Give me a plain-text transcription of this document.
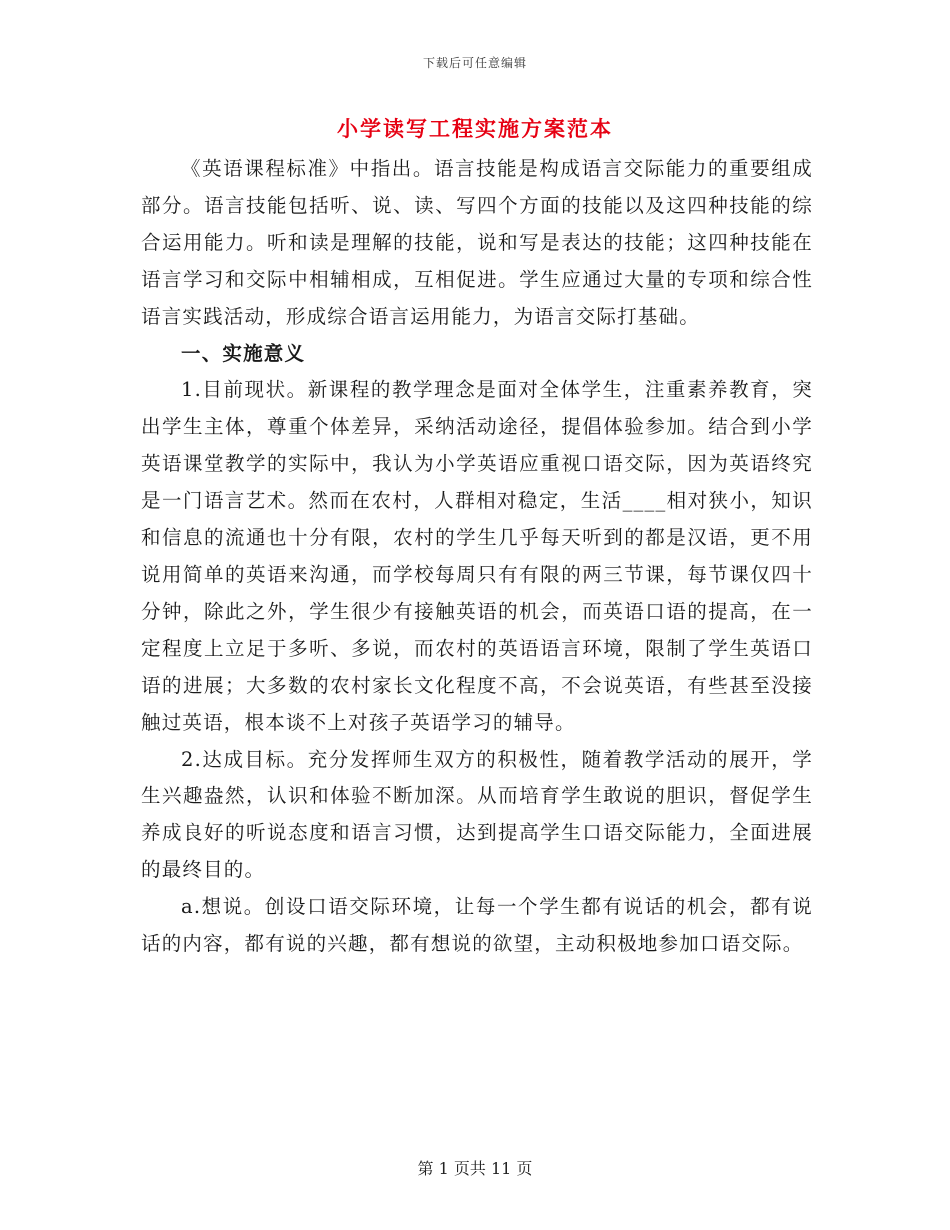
下载后可任意编辑
小学读写工程实施方案范本

《英语课程标准》中指出。语言技能是构成语言交际能力的重要组成部分。语言技能包括听、说、读、写四个方面的技能以及这四种技能的综合运用能力。听和读是理解的技能，说和写是表达的技能；这四种技能在语言学习和交际中相辅相成，互相促进。学生应通过大量的专项和综合性语言实践活动，形成综合语言运用能力，为语言交际打基础。

一、实施意义

1.目前现状。新课程的教学理念是面对全体学生，注重素养教育，突出学生主体，尊重个体差异，采纳活动途径，提倡体验参加。结合到小学英语课堂教学的实际中，我认为小学英语应重视口语交际，因为英语终究是一门语言艺术。然而在农村，人群相对稳定，生活____相对狭小，知识和信息的流通也十分有限，农村的学生几乎每天听到的都是汉语，更不用说用简单的英语来沟通，而学校每周只有有限的两三节课，每节课仅四十分钟，除此之外，学生很少有接触英语的机会，而英语口语的提高，在一定程度上立足于多听、多说，而农村的英语语言环境，限制了学生英语口语的进展；大多数的农村家长文化程度不高，不会说英语，有些甚至没接触过英语，根本谈不上对孩子英语学习的辅导。

2.达成目标。充分发挥师生双方的积极性，随着教学活动的展开，学生兴趣盎然，认识和体验不断加深。从而培育学生敢说的胆识，督促学生养成良好的听说态度和语言习惯，达到提高学生口语交际能力，全面进展的最终目的。

a.想说。创设口语交际环境，让每一个学生都有说话的机会，都有说话的内容，都有说的兴趣，都有想说的欲望，主动积极地参加口语交际。

第 1 页共 11 页
